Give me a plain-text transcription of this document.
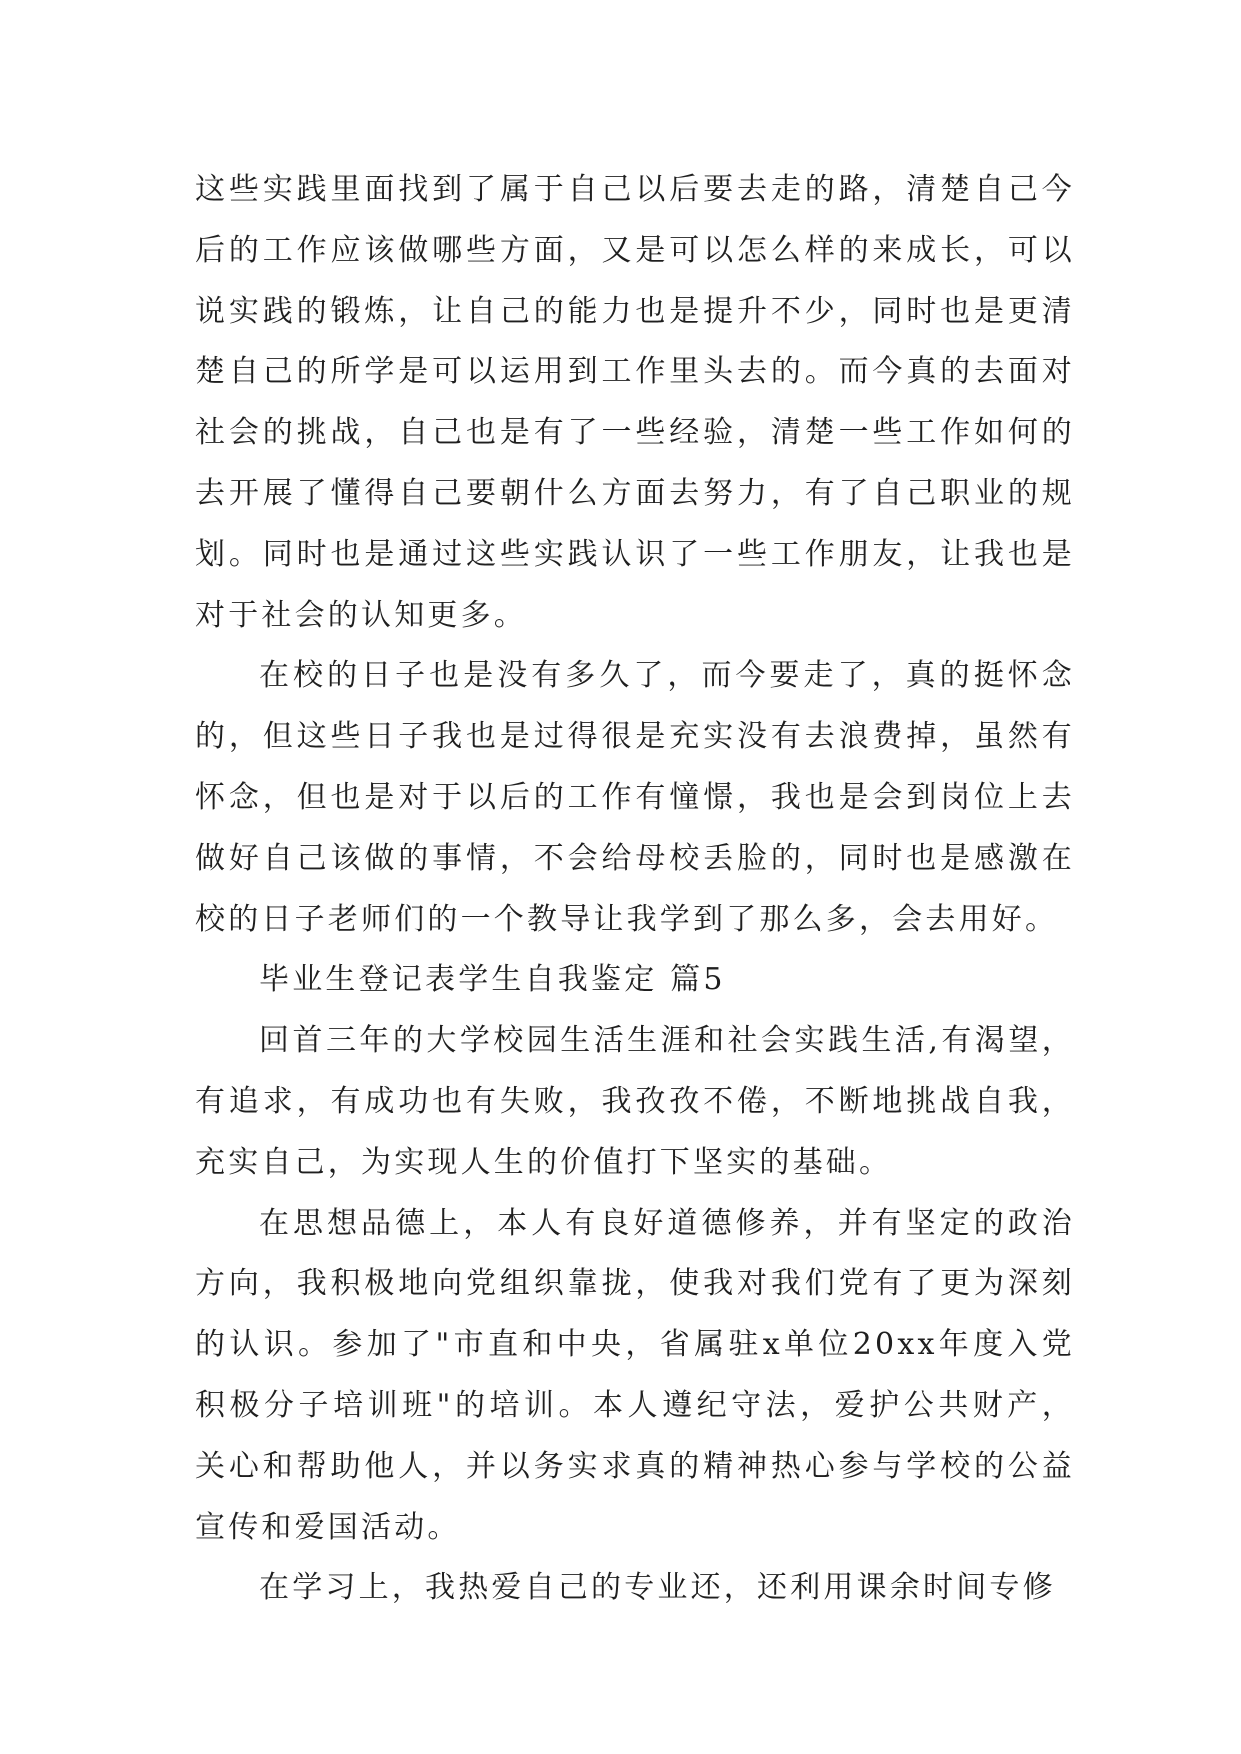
这些实践里面找到了属于自己以后要去走的路，清楚自己今后的工作应该做哪些方面，又是可以怎么样的来成长，可以说实践的锻炼，让自己的能力也是提升不少，同时也是更清楚自己的所学是可以运用到工作里头去的。而今真的去面对社会的挑战，自己也是有了一些经验，清楚一些工作如何的去开展了懂得自己要朝什么方面去努力，有了自己职业的规划。同时也是通过这些实践认识了一些工作朋友，让我也是对于社会的认知更多。

在校的日子也是没有多久了，而今要走了，真的挺怀念的，但这些日子我也是过得很是充实没有去浪费掉，虽然有怀念，但也是对于以后的工作有憧憬，我也是会到岗位上去做好自己该做的事情，不会给母校丢脸的，同时也是感激在校的日子老师们的一个教导让我学到了那么多，会去用好。

毕业生登记表学生自我鉴定 篇5

回首三年的大学校园生活生涯和社会实践生活,有渴望，有追求，有成功也有失败，我孜孜不倦，不断地挑战自我，充实自己，为实现人生的价值打下坚实的基础。

在思想品德上，本人有良好道德修养，并有坚定的政治方向，我积极地向党组织靠拢，使我对我们党有了更为深刻的认识。参加了"市直和中央，省属驻x单位20xx年度入党积极分子培训班"的培训。本人遵纪守法，爱护公共财产，关心和帮助他人，并以务实求真的精神热心参与学校的公益宣传和爱国活动。

在学习上，我热爱自己的专业还，还利用课余时间专修
